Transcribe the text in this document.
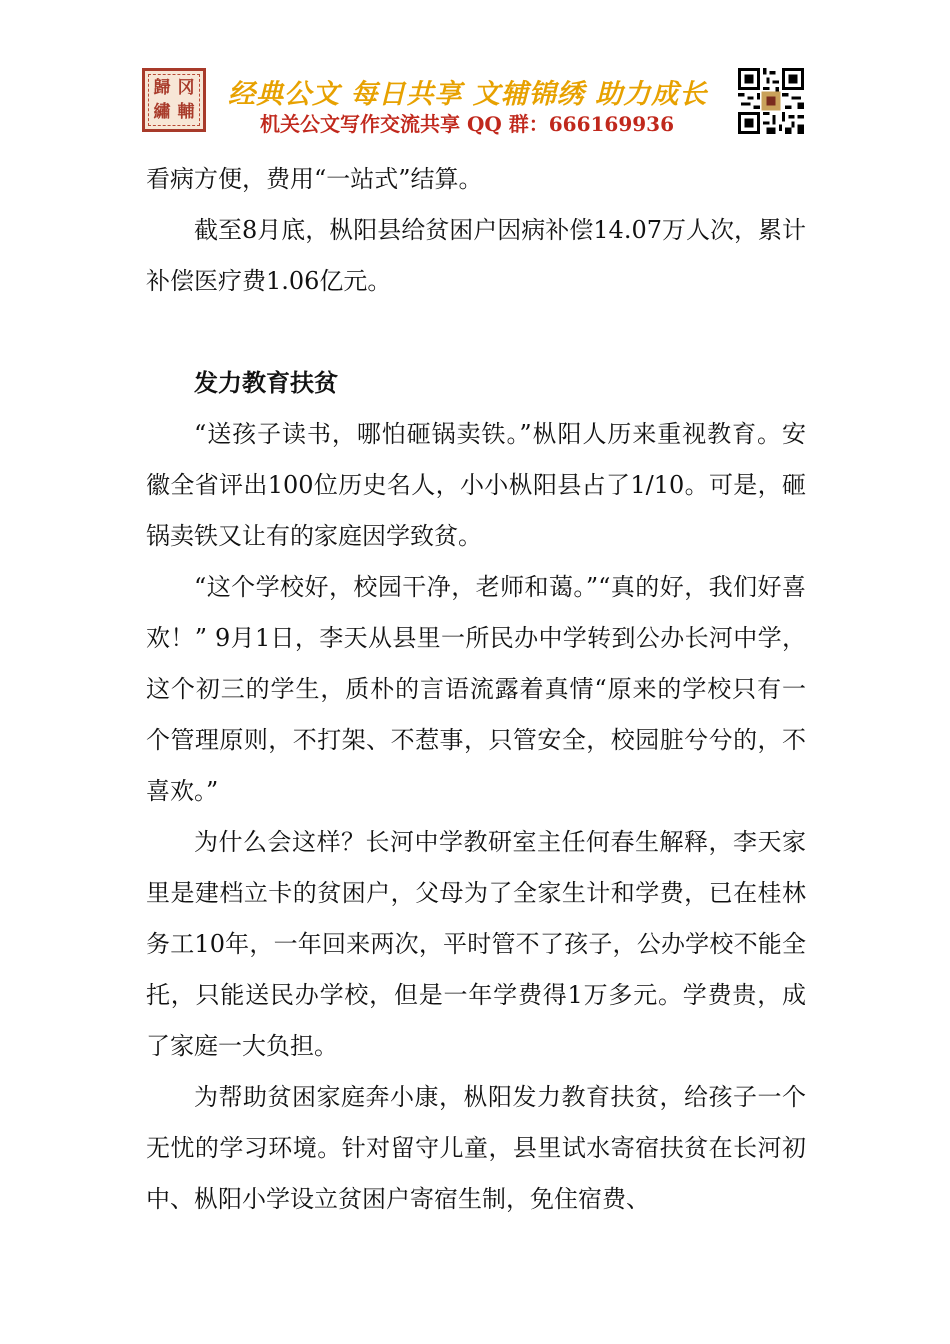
歸 冈
繡 輔
经典公文 每日共享 文辅锦绣 助力成长
机关公文写作交流共享 QQ 群：666169936

看病方便，费用“一站式”结算。

截至8月底，枞阳县给贫困户因病补偿14.07万人次，累计补偿医疗费1.06亿元。

发力教育扶贫

“送孩子读书，哪怕砸锅卖铁。”枞阳人历来重视教育。安徽全省评出100位历史名人，小小枞阳县占了1/10。可是，砸锅卖铁又让有的家庭因学致贫。

“这个学校好，校园干净，老师和蔼。”“真的好，我们好喜欢！” 9月1日，李天从县里一所民办中学转到公办长河中学，这个初三的学生，质朴的言语流露着真情“原来的学校只有一个管理原则，不打架、不惹事，只管安全，校园脏兮兮的，不喜欢。”

为什么会这样？长河中学教研室主任何春生解释，李天家里是建档立卡的贫困户，父母为了全家生计和学费，已在桂林务工10年，一年回来两次，平时管不了孩子，公办学校不能全托，只能送民办学校，但是一年学费得1万多元。学费贵，成了家庭一大负担。

为帮助贫困家庭奔小康，枞阳发力教育扶贫，给孩子一个无忧的学习环境。针对留守儿童，县里试水寄宿扶贫在长河初中、枞阳小学设立贫困户寄宿生制，免住宿费、
